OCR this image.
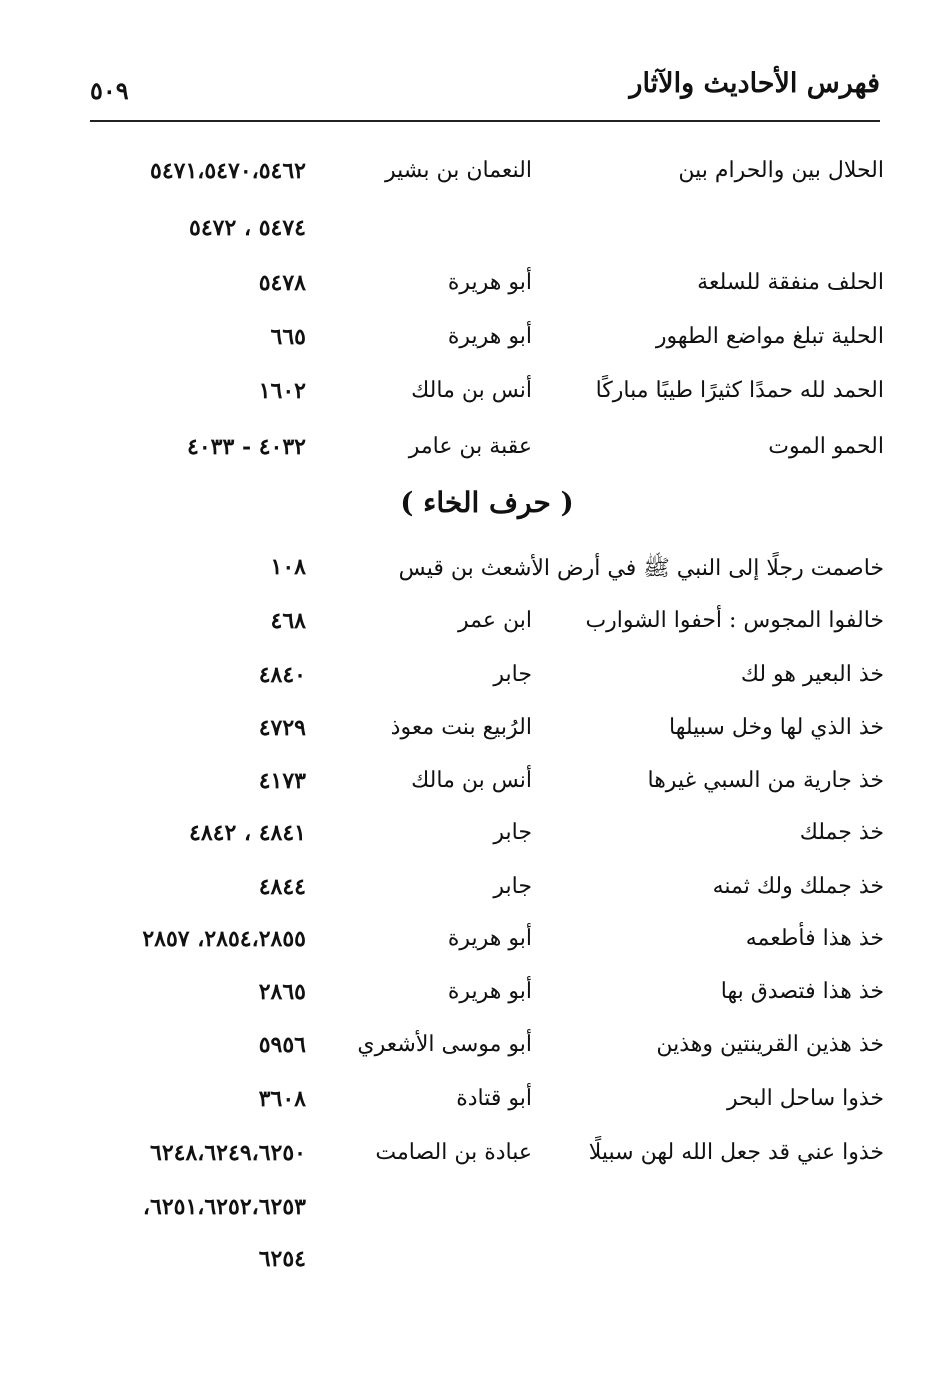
فهرس الأحاديث والآثار
٥٠٩
الحلال بين والحرام بين
النعمان بن بشير
٥٤٧١،٥٤٧٠،٥٤٦٢
٥٤٧٤ ، ٥٤٧٢
الحلف منفقة للسلعة
أبو هريرة
٥٤٧٨
الحلية تبلغ مواضع الطهور
أبو هريرة
٦٦٥
الحمد لله حمدًا كثيرًا طيبًا مباركًا
أنس بن مالك
١٦٠٢
الحمو الموت
عقبة بن عامر
٤٠٣٢ - ٤٠٣٣
( حرف الخاء )
خاصمت رجلًا إلى النبي ﷺ في أرض الأشعث بن قيس
١٠٨
خالفوا المجوس : أحفوا الشوارب
ابن عمر
٤٦٨
خذ البعير هو لك
جابر
٤٨٤٠
خذ الذي لها وخل سبيلها
الرُبيع بنت معوذ
٤٧٢٩
خذ جارية من السبي غيرها
أنس بن مالك
٤١٧٣
خذ جملك
جابر
٤٨٤١ ، ٤٨٤٢
خذ جملك ولك ثمنه
جابر
٤٨٤٤
خذ هذا فأطعمه
أبو هريرة
٢٨٥٤،٢٨٥٥، ٢٨٥٧
خذ هذا فتصدق بها
أبو هريرة
٢٨٦٥
خذ هذين القرينتين وهذين
أبو موسى الأشعري
٥٩٥٦
خذوا ساحل البحر
أبو قتادة
٣٦٠٨
خذوا عني قد جعل الله لهن سبيلًا
عبادة بن الصامت
٦٢٤٨،٦٢٤٩،٦٢٥٠
٦٢٥١،٦٢٥٢،٦٢٥٣،
٦٢٥٤
